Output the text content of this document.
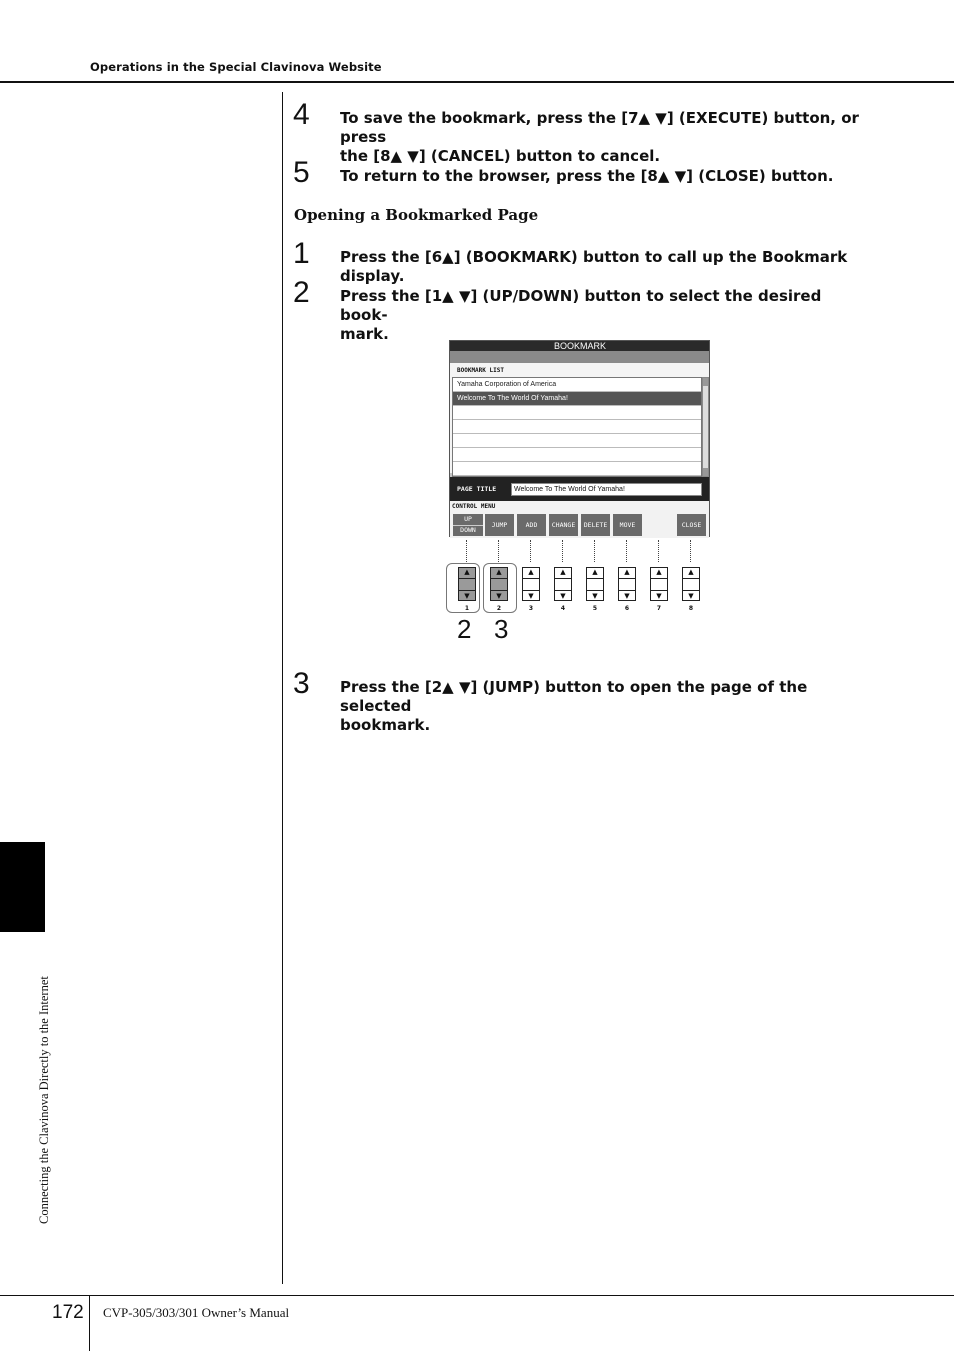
Operations in the Special Clavinova Website
Connecting the Clavinova Directly to the Internet
4 To save the bookmark, press the [7▲ ▼] (EXECUTE) button, or press
the [8▲ ▼] (CANCEL) button to cancel.
5 To return to the browser, press the [8▲ ▼] (CLOSE) button.
Opening a Bookmarked Page
1 Press the [6▲] (BOOKMARK) button to call up the Bookmark display.
2 Press the [1▲ ▼] (UP/DOWN) button to select the desired book-
mark.
BOOKMARK
BOOKMARK LIST
Yamaha Corporation of America
Welcome To The World Of Yamaha!
PAGE TITLE	Welcome To The World Of Yamaha!
CONTROL MENU
UP
DOWN
JUMP	ADD	CHANGE	DELETE	MOVE	CLOSE
▲
▼
1
▲
▼
2
▲
▼
3
▲
▼
4
▲
▼
5
▲
▼
6
▲
▼
7
▲
▼
8
2 3
3 Press the [2▲ ▼] (JUMP) button to open the page of the selected
bookmark.
172 CVP-305/303/301 Owner’s Manual
